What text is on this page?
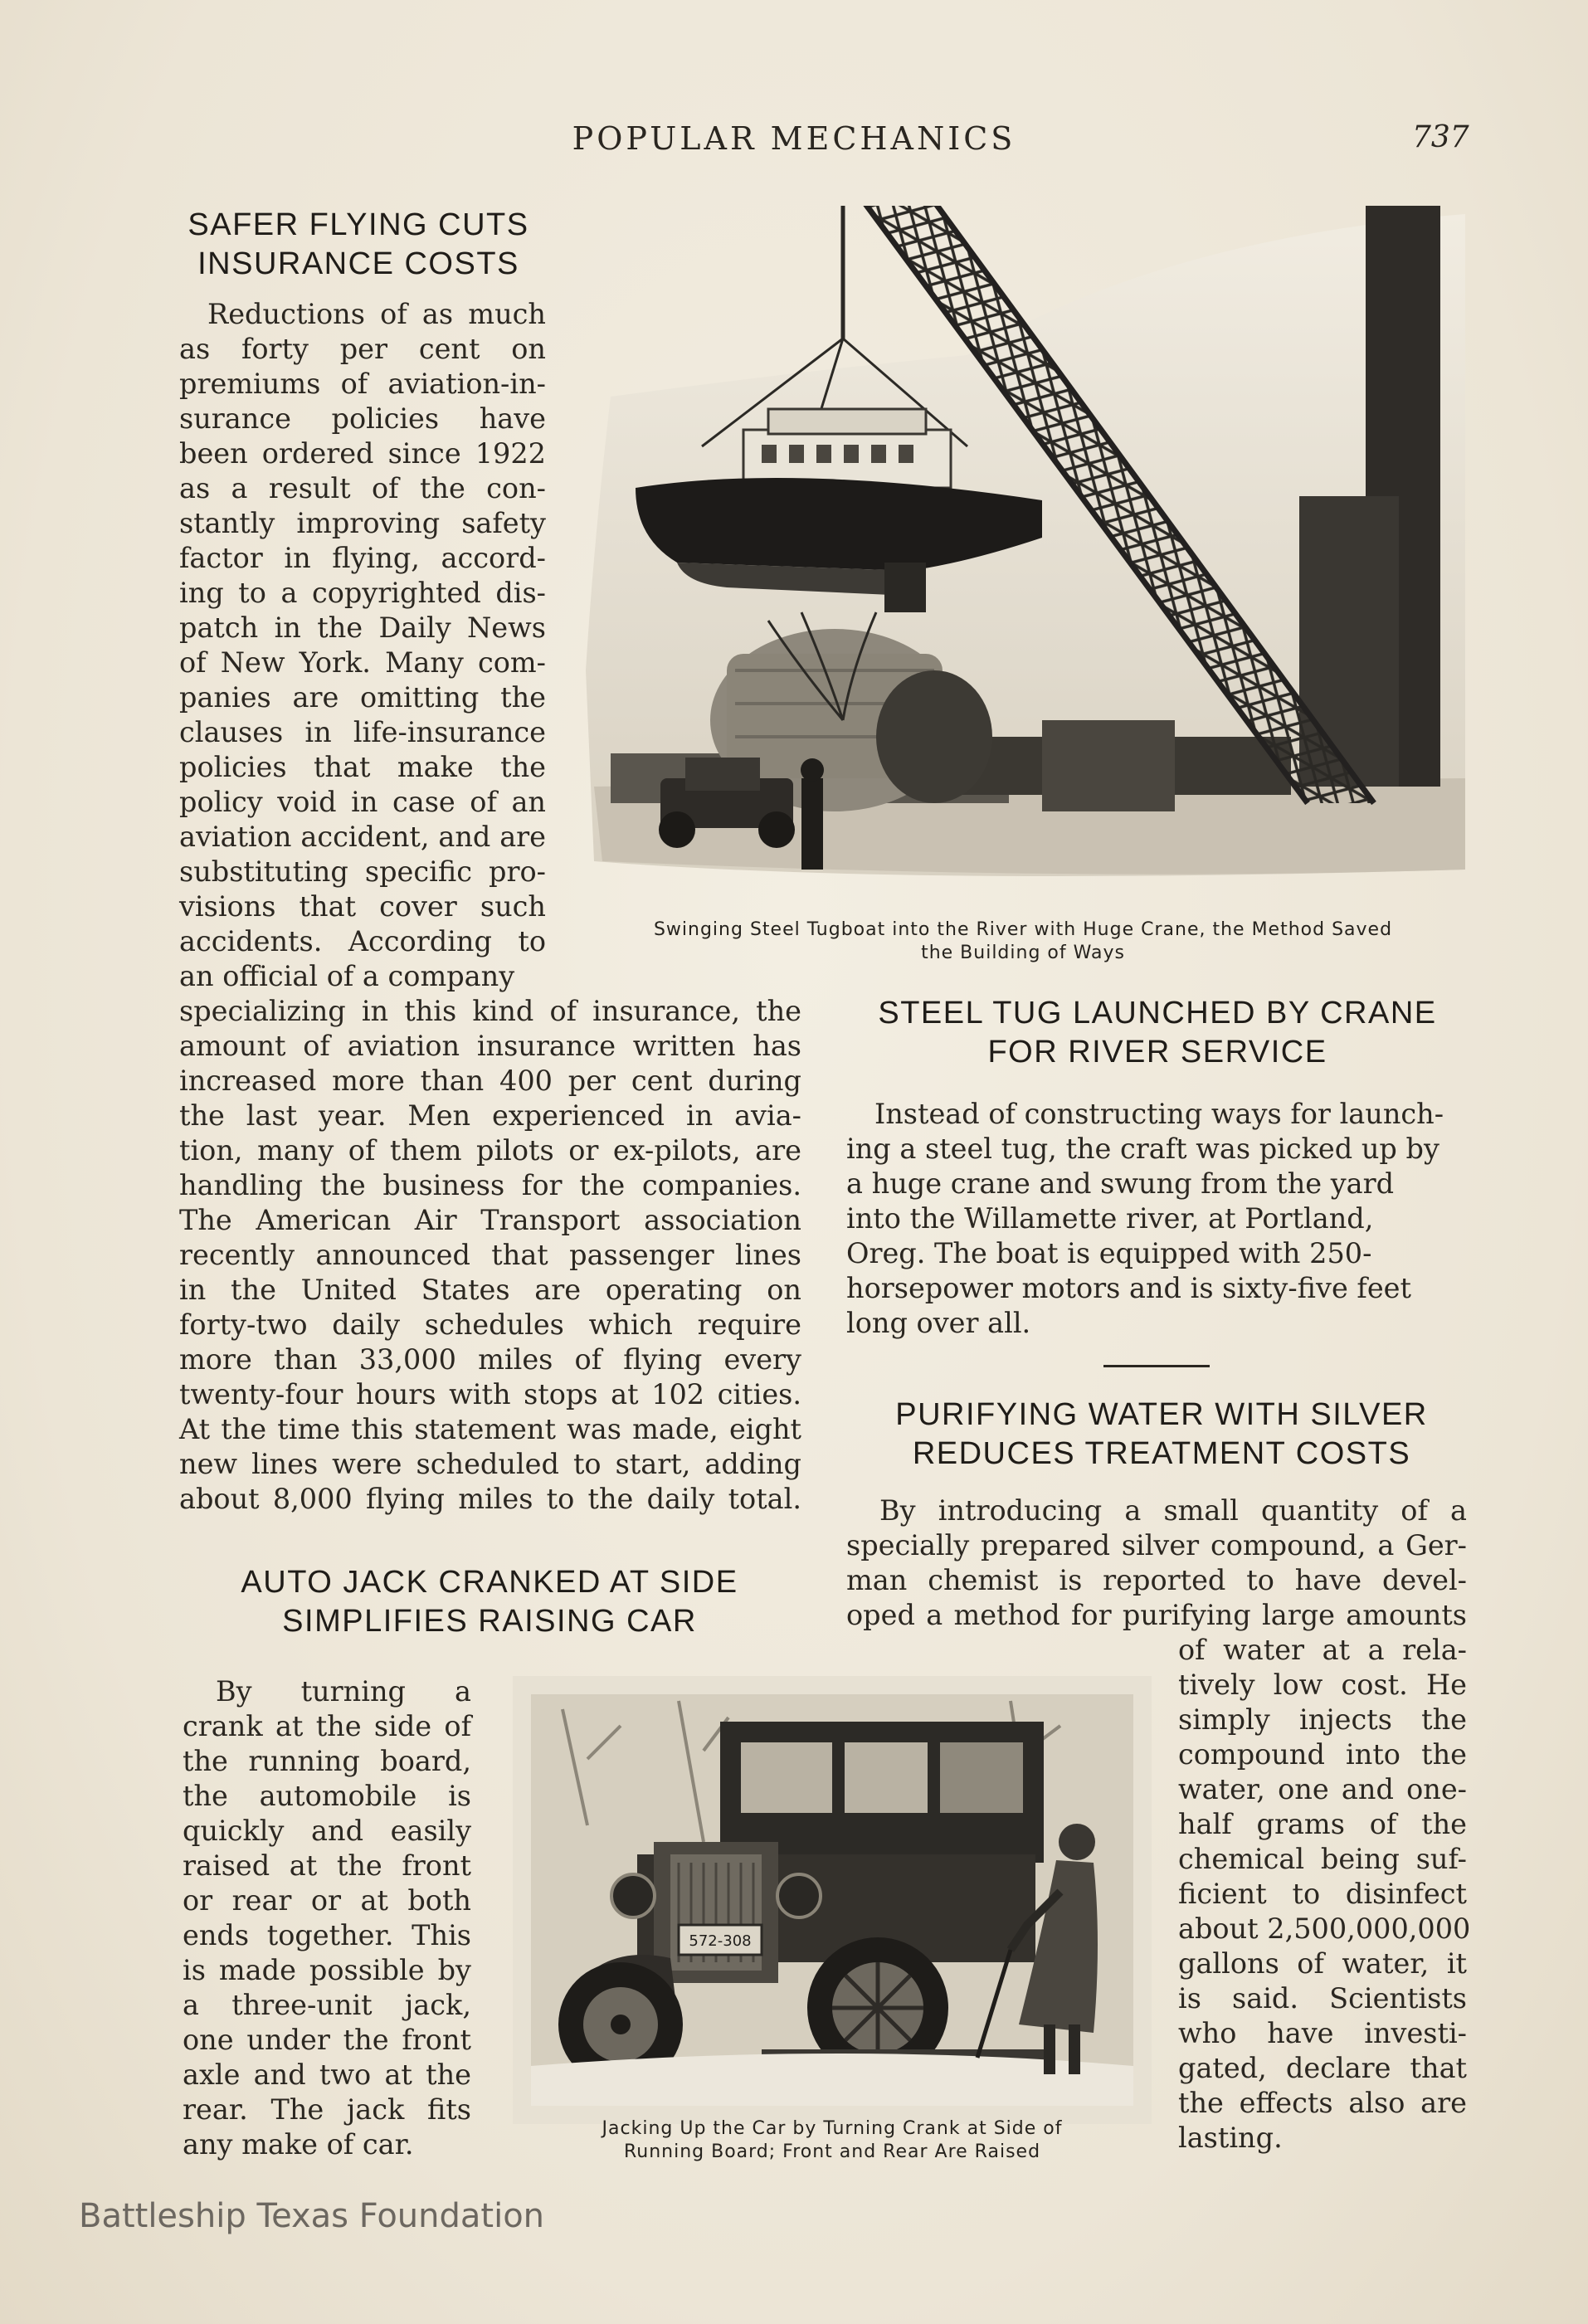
POPULAR MECHANICS	737
SAFER FLYING CUTS
INSURANCE COSTS
Reductions of as much
as forty per cent on
premiums of aviation-in-
surance policies have
been ordered since 1922
as a result of the con-
stantly improving safety
factor in flying, accord-
ing to a copyrighted dis-
patch in the Daily News
of New York. Many com-
panies are omitting the
clauses in life-insurance
policies that make the
policy void in case of an
aviation accident, and are
substituting specific pro-
visions that cover such
accidents. According to
an official of a company
specializing in this kind of insurance, the
amount of aviation insurance written has
increased more than 400 per cent during
the last year. Men experienced in avia-
tion, many of them pilots or ex-pilots, are
handling the business for the companies.
The American Air Transport association
recently announced that passenger lines
in the United States are operating on
forty-two daily schedules which require
more than 33,000 miles of flying every
twenty-four hours with stops at 102 cities.
At the time this statement was made, eight
new lines were scheduled to start, adding
about 8,000 flying miles to the daily total.
Swinging Steel Tugboat into the River with Huge Crane, the Method Saved
the Building of Ways
STEEL TUG LAUNCHED BY CRANE
FOR RIVER SERVICE
Instead of constructing ways for launch-
ing a steel tug, the craft was picked up by
a huge crane and swung from the yard
into the Willamette river, at Portland,
Oreg. The boat is equipped with 250-
horsepower motors and is sixty-five feet
long over all.
PURIFYING WATER WITH SILVER
REDUCES TREATMENT COSTS
By introducing a small quantity of a
specially prepared silver compound, a Ger-
man chemist is reported to have devel-
oped a method for purifying large amounts
of water at a rela-
tively low cost. He
simply injects the
compound into the
water, one and one-
half grams of the
chemical being suf-
ficient to disinfect
about 2,500,000,000
gallons of water, it
is said. Scientists
who have investi-
gated, declare that
the effects also are
lasting.
AUTO JACK CRANKED AT SIDE
SIMPLIFIES RAISING CAR
By turning a
crank at the side of
the running board,
the automobile is
quickly and easily
raised at the front
or rear or at both
ends together. This
is made possible by
a three-unit jack,
one under the front
axle and two at the
rear. The jack fits
any make of car.
572-308
Jacking Up the Car by Turning Crank at Side of
Running Board; Front and Rear Are Raised
Battleship Texas Foundation
